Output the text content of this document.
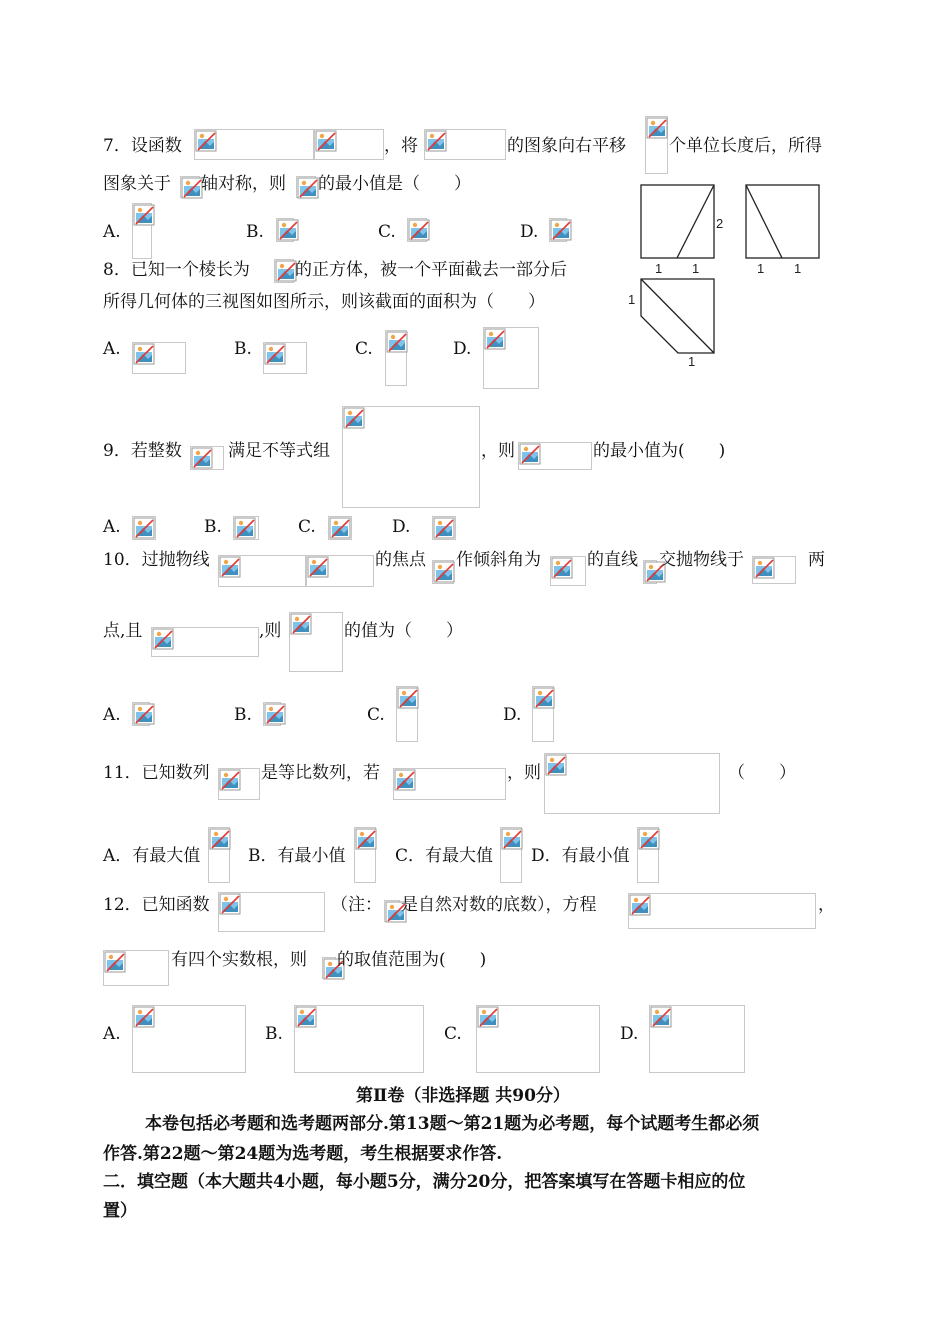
7．设函数	，将	的图象向右平移	个单位长度后，所得
图象关于 轴对称，则 的最小值是（　　）
A.	B.	C.	D.
1 1
2
1 1
1
1
8．已知一个棱长为	的正方体，被一个平面截去一部分后
所得几何体的三视图如图所示，则该截面的面积为（　　）
A.	B.	C.	D.
9．若整数	满足不等式组	，则	的最小值为(　　)
A.	B.	C.	D.
10．过抛物线	的焦点 作倾斜角为	的直线 交抛物线于	两
点,且	,则	的值为（　　）
A.	B.	C.	D.
11．已知数列	是等比数列，若	，则	（　　）
A．有最大值	B．有最小值	C．有最大值 D．有最小值
12．已知函数	（注： 是自然对数的底数），方程	，
有四个实数根，则 的取值范围为(　　)
A.	B.	C.	D.
第Ⅱ卷（非选择题 共90分）
本卷包括必考题和选考题两部分.第13题～第21题为必考题，每个试题考生都必须
作答.第22题～第24题为选考题，考生根据要求作答.
二．填空题（本大题共4小题，每小题5分，满分20分，把答案填写在答题卡相应的位
置）
